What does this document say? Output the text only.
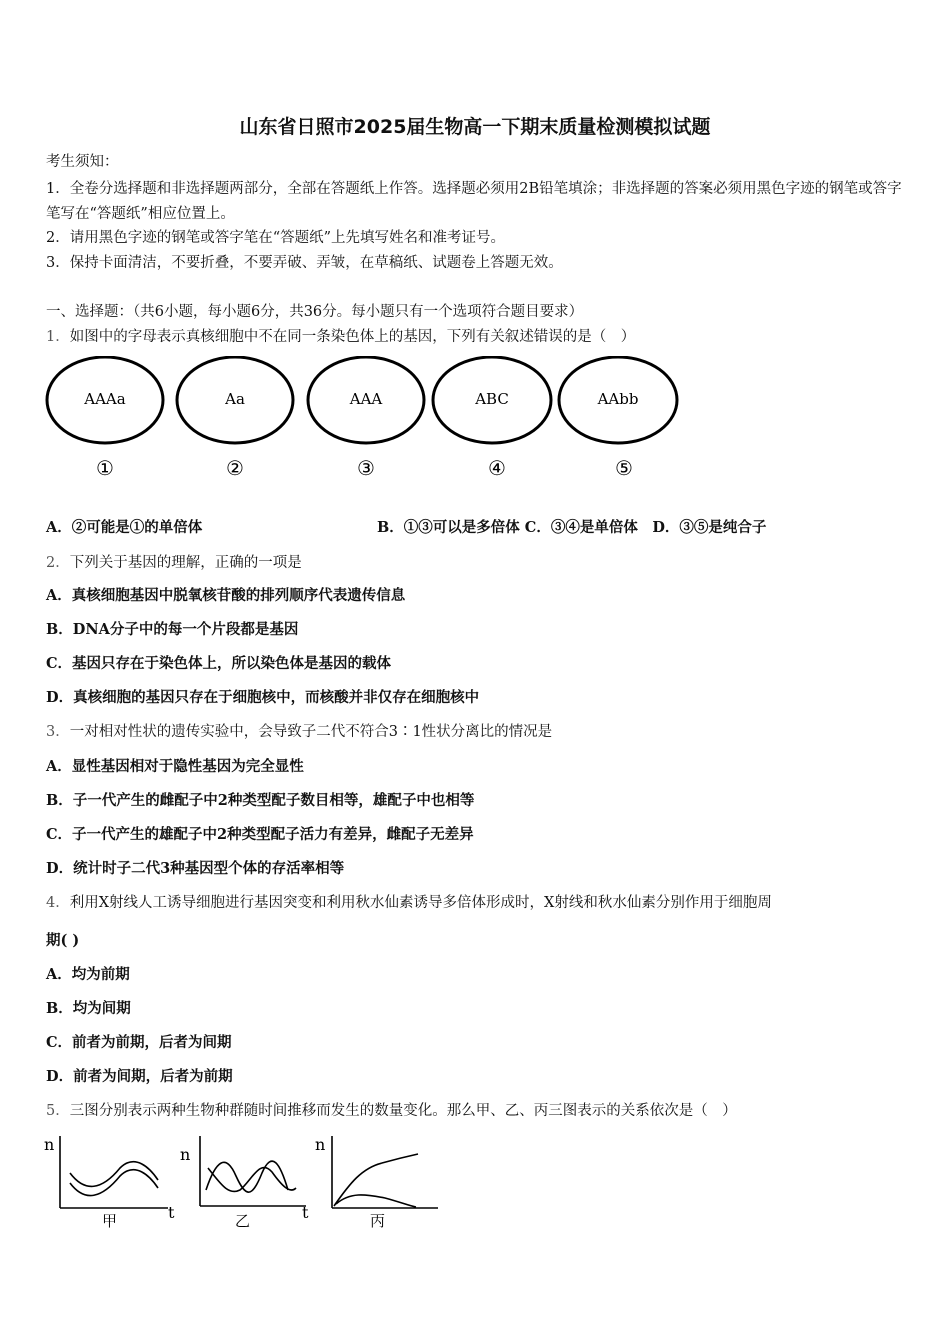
山东省日照市2025届生物高一下期末质量检测模拟试题
考生须知：
1．全卷分选择题和非选择题两部分，全部在答题纸上作答。选择题必须用2B铅笔填涂；非选择题的答案必须用黑色字迹的钢笔或答字笔写在“答题纸”相应位置上。
2．请用黑色字迹的钢笔或答字笔在“答题纸”上先填写姓名和准考证号。
3．保持卡面清洁，不要折叠，不要弄破、弄皱，在草稿纸、试题卷上答题无效。
一、选择题：（共6小题，每小题6分，共36分。每小题只有一个选项符合题目要求）
1．如图中的字母表示真核细胞中不在同一条染色体上的基因，下列有关叙述错误的是（　）
AAAa
①
Aa
②
AAA
③
ABC
④
AAbb
⑤
A．②可能是①的单倍体	B．①③可以是多倍体 C．③④是单倍体　D．③⑤是纯合子
2．下列关于基因的理解，正确的一项是
A．真核细胞基因中脱氧核苷酸的排列顺序代表遗传信息
B．DNA分子中的每一个片段都是基因
C．基因只存在于染色体上，所以染色体是基因的载体
D．真核细胞的基因只存在于细胞核中，而核酸并非仅存在细胞核中
3．一对相对性状的遗传实验中，会导致子二代不符合3∶1性状分离比的情况是
A．显性基因相对于隐性基因为完全显性
B．子一代产生的雌配子中2种类型配子数目相等，雄配子中也相等
C．子一代产生的雄配子中2种类型配子活力有差异，雌配子无差异
D．统计时子二代3种基因型个体的存活率相等
4．利用X射线人工诱导细胞进行基因突变和利用秋水仙素诱导多倍体形成时，X射线和秋水仙素分别作用于细胞周
期( )
A．均为前期
B．均为间期
C．前者为前期，后者为间期
D．前者为间期，后者为前期
5．三图分别表示两种生物种群随时间推移而发生的数量变化。那么甲、乙、丙三图表示的关系依次是（　）
n
t
甲
n
t
乙
n
丙
